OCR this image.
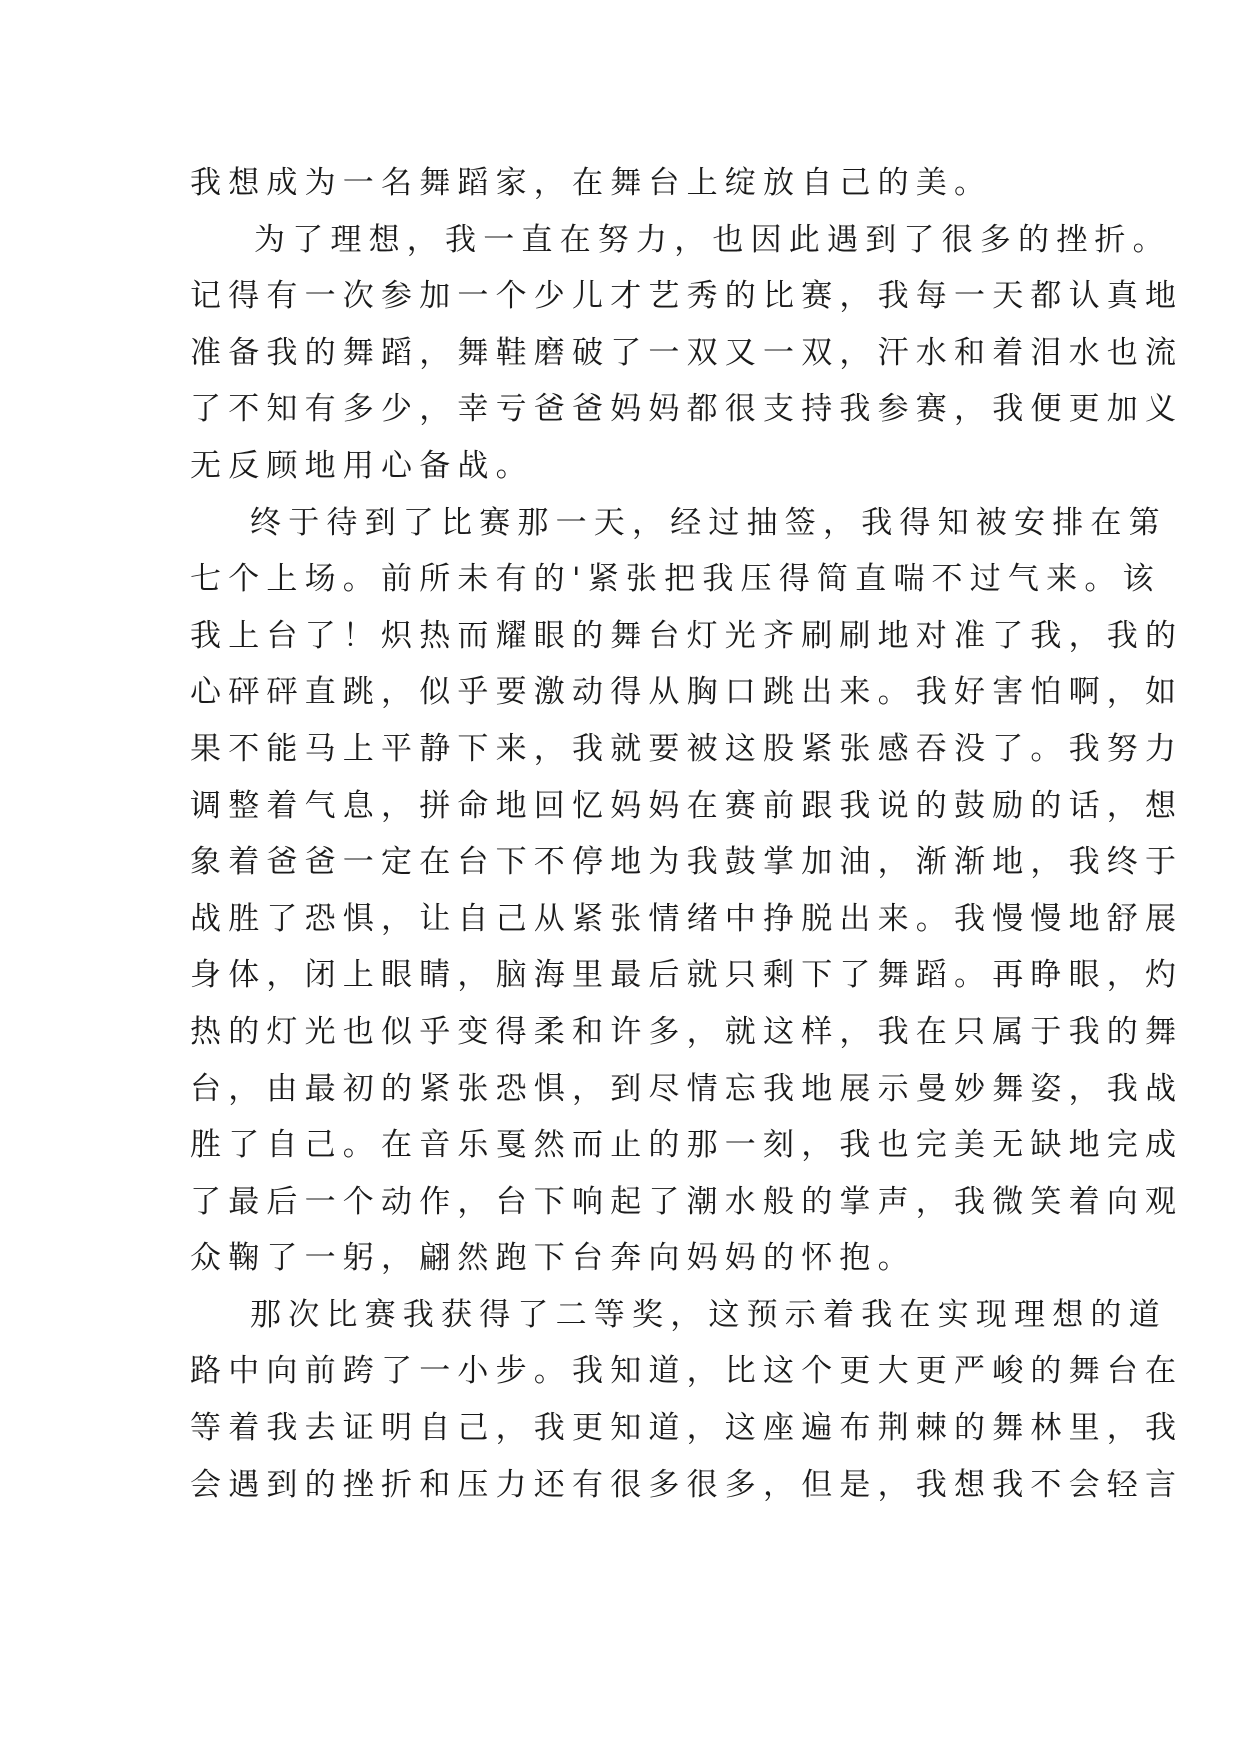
我想成为一名舞蹈家，在舞台上绽放自己的美。

为了理想，我一直在努力，也因此遇到了很多的挫折。

记得有一次参加一个少儿才艺秀的比赛，我每一天都认真地

准备我的舞蹈，舞鞋磨破了一双又一双，汗水和着泪水也流

了不知有多少，幸亏爸爸妈妈都很支持我参赛，我便更加义

无反顾地用心备战。

终于待到了比赛那一天，经过抽签，我得知被安排在第

七个上场。前所未有的'紧张把我压得简直喘不过气来。该

我上台了！炽热而耀眼的舞台灯光齐刷刷地对准了我，我的

心砰砰直跳，似乎要激动得从胸口跳出来。我好害怕啊，如

果不能马上平静下来，我就要被这股紧张感吞没了。我努力

调整着气息，拼命地回忆妈妈在赛前跟我说的鼓励的话，想

象着爸爸一定在台下不停地为我鼓掌加油，渐渐地，我终于

战胜了恐惧，让自己从紧张情绪中挣脱出来。我慢慢地舒展

身体，闭上眼睛，脑海里最后就只剩下了舞蹈。再睁眼，灼

热的灯光也似乎变得柔和许多，就这样，我在只属于我的舞

台，由最初的紧张恐惧，到尽情忘我地展示曼妙舞姿，我战

胜了自己。在音乐戛然而止的那一刻，我也完美无缺地完成

了最后一个动作，台下响起了潮水般的掌声，我微笑着向观

众鞠了一躬，翩然跑下台奔向妈妈的怀抱。

那次比赛我获得了二等奖，这预示着我在实现理想的道

路中向前跨了一小步。我知道，比这个更大更严峻的舞台在

等着我去证明自己，我更知道，这座遍布荆棘的舞林里，我

会遇到的挫折和压力还有很多很多，但是，我想我不会轻言
